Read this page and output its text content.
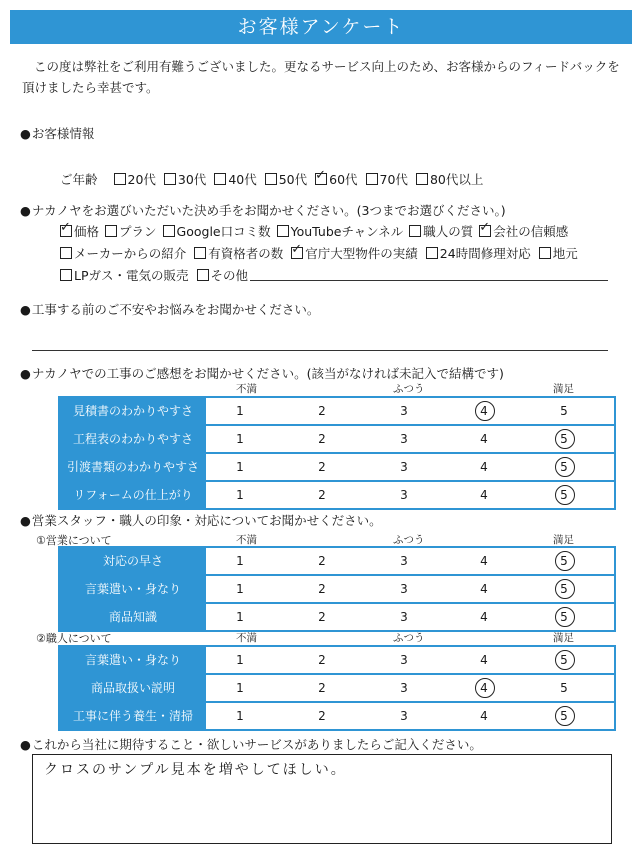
お客様アンケート
この度は弊社をご利用有難うございました。更なるサービス向上のため、お客様からのフィードバックを
頂けましたら幸甚です。
● お客様情報
ご年齢 20代 30代 40代 50代 ✓ 60代 70代 80代以上
● ナカノヤをお選びいただいた決め手をお聞かせください。(3つまでお選びください。)
✓価格 プラン Google口コミ数 YouTubeチャンネル 職人の質 ✓ 会社の信頼感
メーカーからの紹介 有資格者の数 ✓ 官庁大型物件の実績 24時間修理対応 地元
LPガス・電気の販売 その他
● 工事する前のご不安やお悩みをお聞かせください。
● ナカノヤでの工事のご感想をお聞かせください。(該当がなければ未記入で結構です)
不満	ふつう	満足
見積書のわかりやすさ	1	2	3	4	5
工程表のわかりやすさ	1	2	3	4	5
引渡書類のわかりやすさ	1	2	3	4	5
リフォームの仕上がり	1	2	3	4	5
● 営業スタッフ・職人の印象・対応についてお聞かせください。
①営業について	不満	ふつう	満足
対応の早さ	1	2	3	4	5
言葉遣い・身なり	1	2	3	4	5
商品知識	1	2	3	4	5
②職人について	不満	ふつう	満足
言葉遣い・身なり	1	2	3	4	5
商品取扱い説明	1	2	3	4	5
工事に伴う養生・清掃	1	2	3	4	5
● これから当社に期待すること・欲しいサービスがありましたらご記入ください。
クロスのサンプル見本を増やしてほしい。
